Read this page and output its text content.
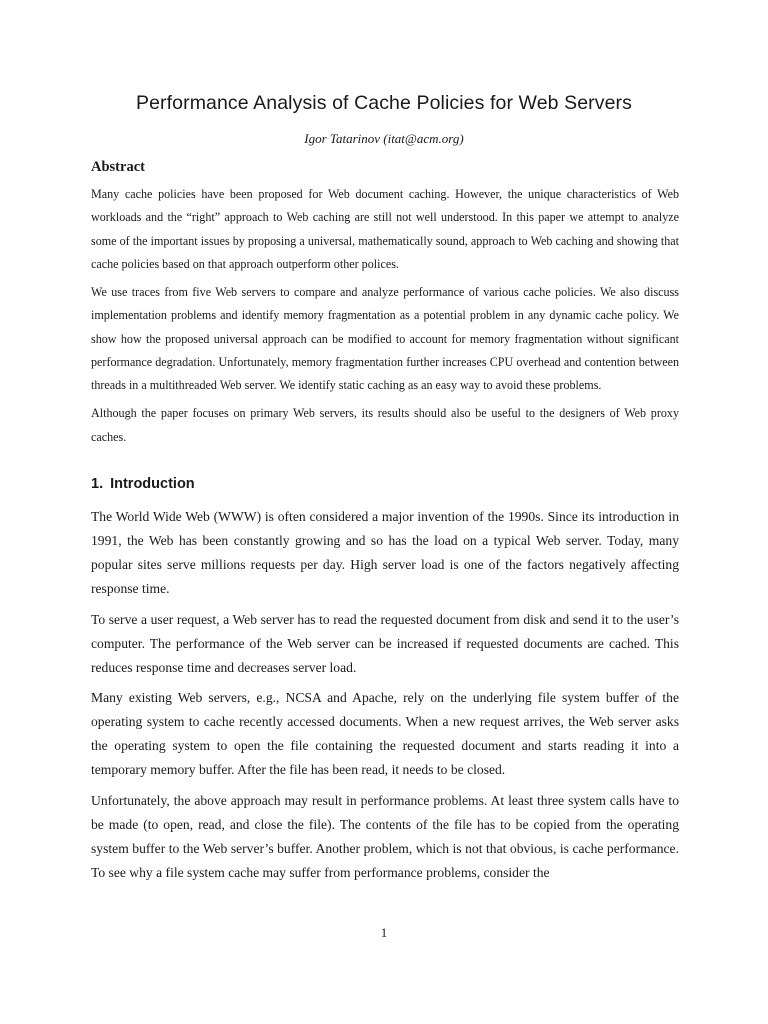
Performance Analysis of Cache Policies for Web Servers
Igor Tatarinov (itat@acm.org)
Abstract

Many cache policies have been proposed for Web document caching. However, the unique characteristics of Web workloads and the “right” approach to Web caching are still not well understood. In this paper we attempt to analyze some of the important issues by proposing a universal, mathematically sound, approach to Web caching and showing that cache policies based on that approach outperform other polices.

We use traces from five Web servers to compare and analyze performance of various cache policies. We also discuss implementation problems and identify memory fragmentation as a potential problem in any dynamic cache policy. We show how the proposed universal approach can be modified to account for memory fragmentation without significant performance degradation. Unfortunately, memory fragmentation further increases CPU overhead and contention between threads in a multithreaded Web server. We identify static caching as an easy way to avoid these problems.

Although the paper focuses on primary Web servers, its results should also be useful to the designers of Web proxy caches.

1. Introduction

The World Wide Web (WWW) is often considered a major invention of the 1990s. Since its introduction in 1991, the Web has been constantly growing and so has the load on a typical Web server. Today, many popular sites serve millions requests per day. High server load is one of the factors negatively affecting response time.

To serve a user request, a Web server has to read the requested document from disk and send it to the user’s computer. The performance of the Web server can be increased if requested documents are cached. This reduces response time and decreases server load.

Many existing Web servers, e.g., NCSA and Apache, rely on the underlying file system buffer of the operating system to cache recently accessed documents. When a new request arrives, the Web server asks the operating system to open the file containing the requested document and starts reading it into a temporary memory buffer. After the file has been read, it needs to be closed.

Unfortunately, the above approach may result in performance problems. At least three system calls have to be made (to open, read, and close the file). The contents of the file has to be copied from the operating system buffer to the Web server’s buffer. Another problem, which is not that obvious, is cache performance. To see why a file system cache may suffer from performance problems, consider the

1
